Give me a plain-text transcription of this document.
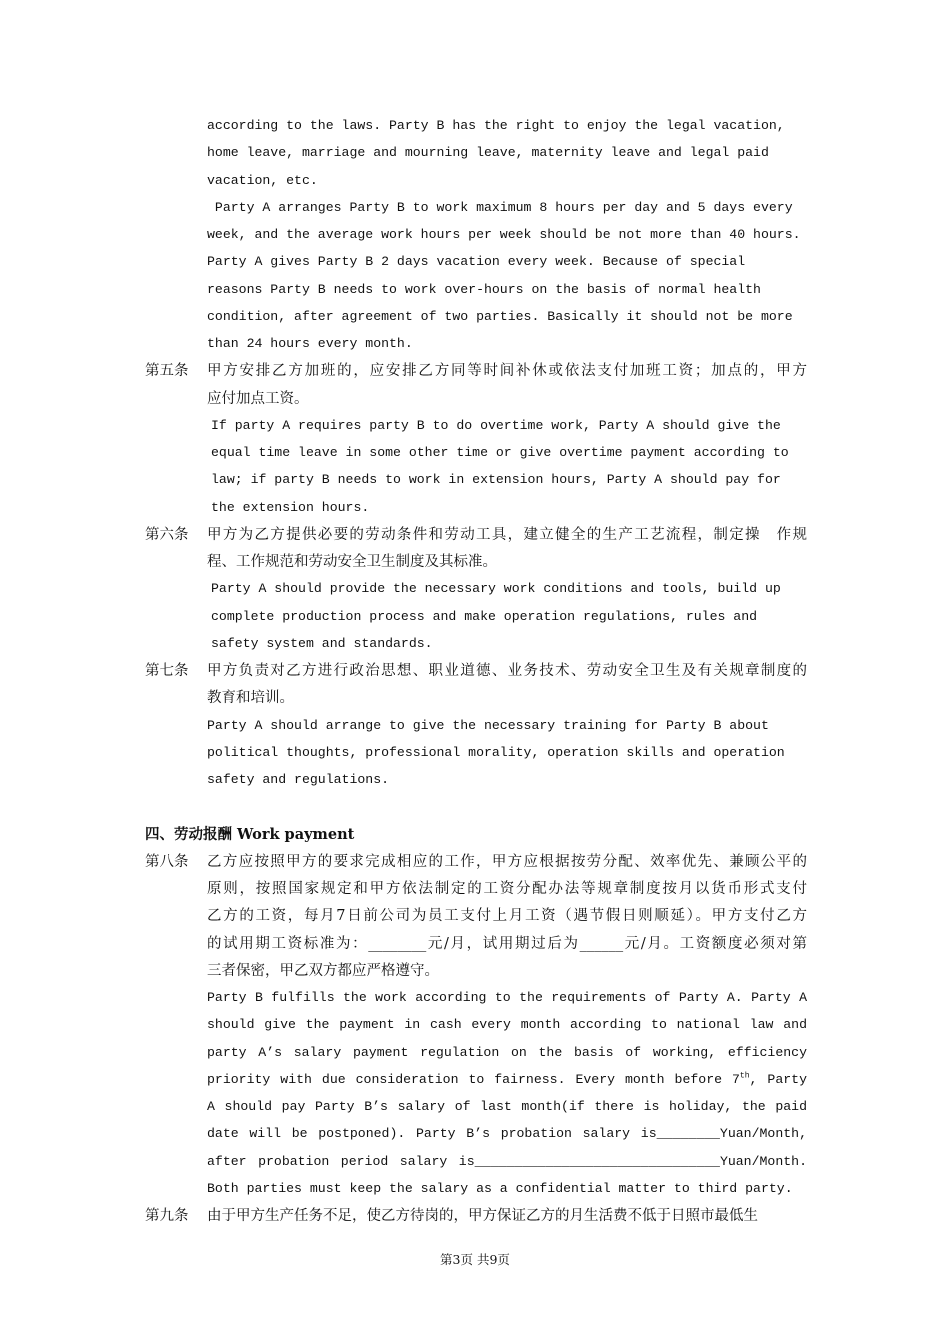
according to the laws. Party B has the right to enjoy the legal vacation,
home leave, marriage and mourning leave, maternity leave and legal paid
vacation, etc.
Party A arranges Party B to work maximum 8 hours per day and 5 days every
week, and the average work hours per week should be not more than 40 hours.
Party A gives Party B 2 days vacation every week. Because of special
reasons Party B needs to work over-hours on the basis of normal health
condition, after agreement of two parties. Basically it should not be more
than 24 hours every month.
第五条 甲方安排乙方加班的，应安排乙方同等时间补休或依法支付加班工资；加点的，甲方
应付加点工资。
If party A requires party B to do overtime work, Party A should give the
equal time leave in some other time or give overtime payment according to
law; if party B needs to work in extension hours, Party A should pay for
the extension hours.
第六条 甲方为乙方提供必要的劳动条件和劳动工具，建立健全的生产工艺流程，制定操　作规
程、工作规范和劳动安全卫生制度及其标准。
Party A should provide the necessary work conditions and tools, build up
complete production process and make operation regulations, rules and
safety system and standards.
第七条 甲方负责对乙方进行政治思想、职业道德、业务技术、劳动安全卫生及有关规章制度的
教育和培训。
Party A should arrange to give the necessary training for Party B about
political thoughts, professional morality, operation skills and operation
safety and regulations.
四、劳动报酬 Work payment
第八条 乙方应按照甲方的要求完成相应的工作，甲方应根据按劳分配、效率优先、兼顾公平的
原则，按照国家规定和甲方依法制定的工资分配办法等规章制度按月以货币形式支付
乙方的工资，每月7日前公司为员工支付上月工资（遇节假日则顺延）。甲方支付乙方
的试用期工资标准为：________元/月，试用期过后为______元/月。工资额度必须对第
三者保密，甲乙双方都应严格遵守。
Party B fulfills the work according to the requirements of Party A. Party A
should give the payment in cash every month according to national law and
party A’s salary payment regulation on the basis of working, efficiency
priority with due consideration to fairness. Every month before 7th, Party
A should pay Party B’s salary of last month(if there is holiday, the paid
date will be postponed). Party B’s probation salary is________Yuan/Month,
after probation period salary is_______________________________Yuan/Month.
Both parties must keep the salary as a confidential matter to third party.
第九条 由于甲方生产任务不足，使乙方待岗的，甲方保证乙方的月生活费不低于日照市最低生
第3页 共9页
